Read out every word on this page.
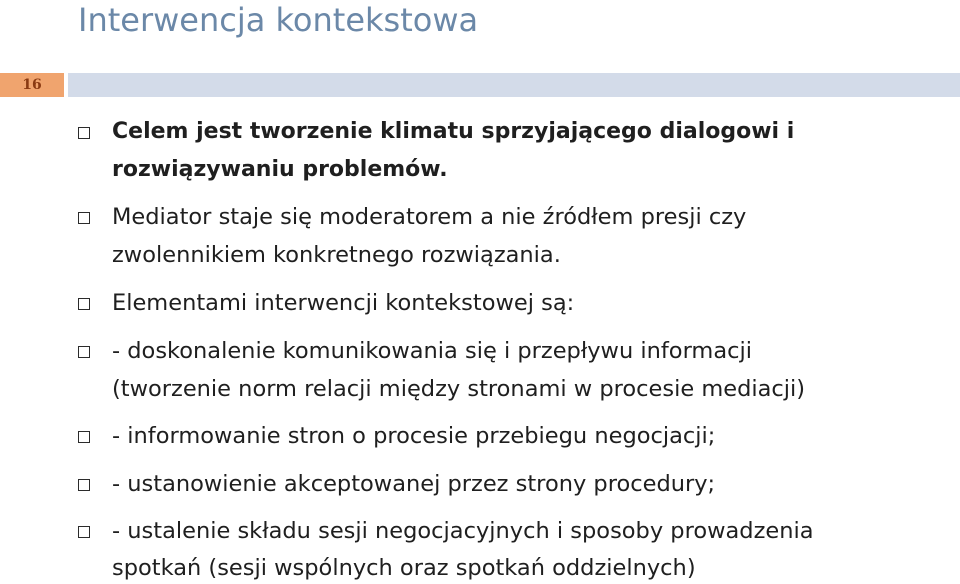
Interwencja kontekstowa
16
Celem jest tworzenie klimatu sprzyjającego dialogowi i
rozwiązywaniu problemów.
Mediator staje się moderatorem a nie źródłem presji czy
zwolennikiem konkretnego rozwiązania.
Elementami interwencji kontekstowej są:
- doskonalenie komunikowania się i przepływu informacji
(tworzenie norm relacji między stronami w procesie mediacji)
- informowanie stron o procesie przebiegu negocjacji;
- ustanowienie akceptowanej przez strony procedury;
- ustalenie składu sesji negocjacyjnych i sposoby prowadzenia
spotkań (sesji wspólnych oraz spotkań oddzielnych)
